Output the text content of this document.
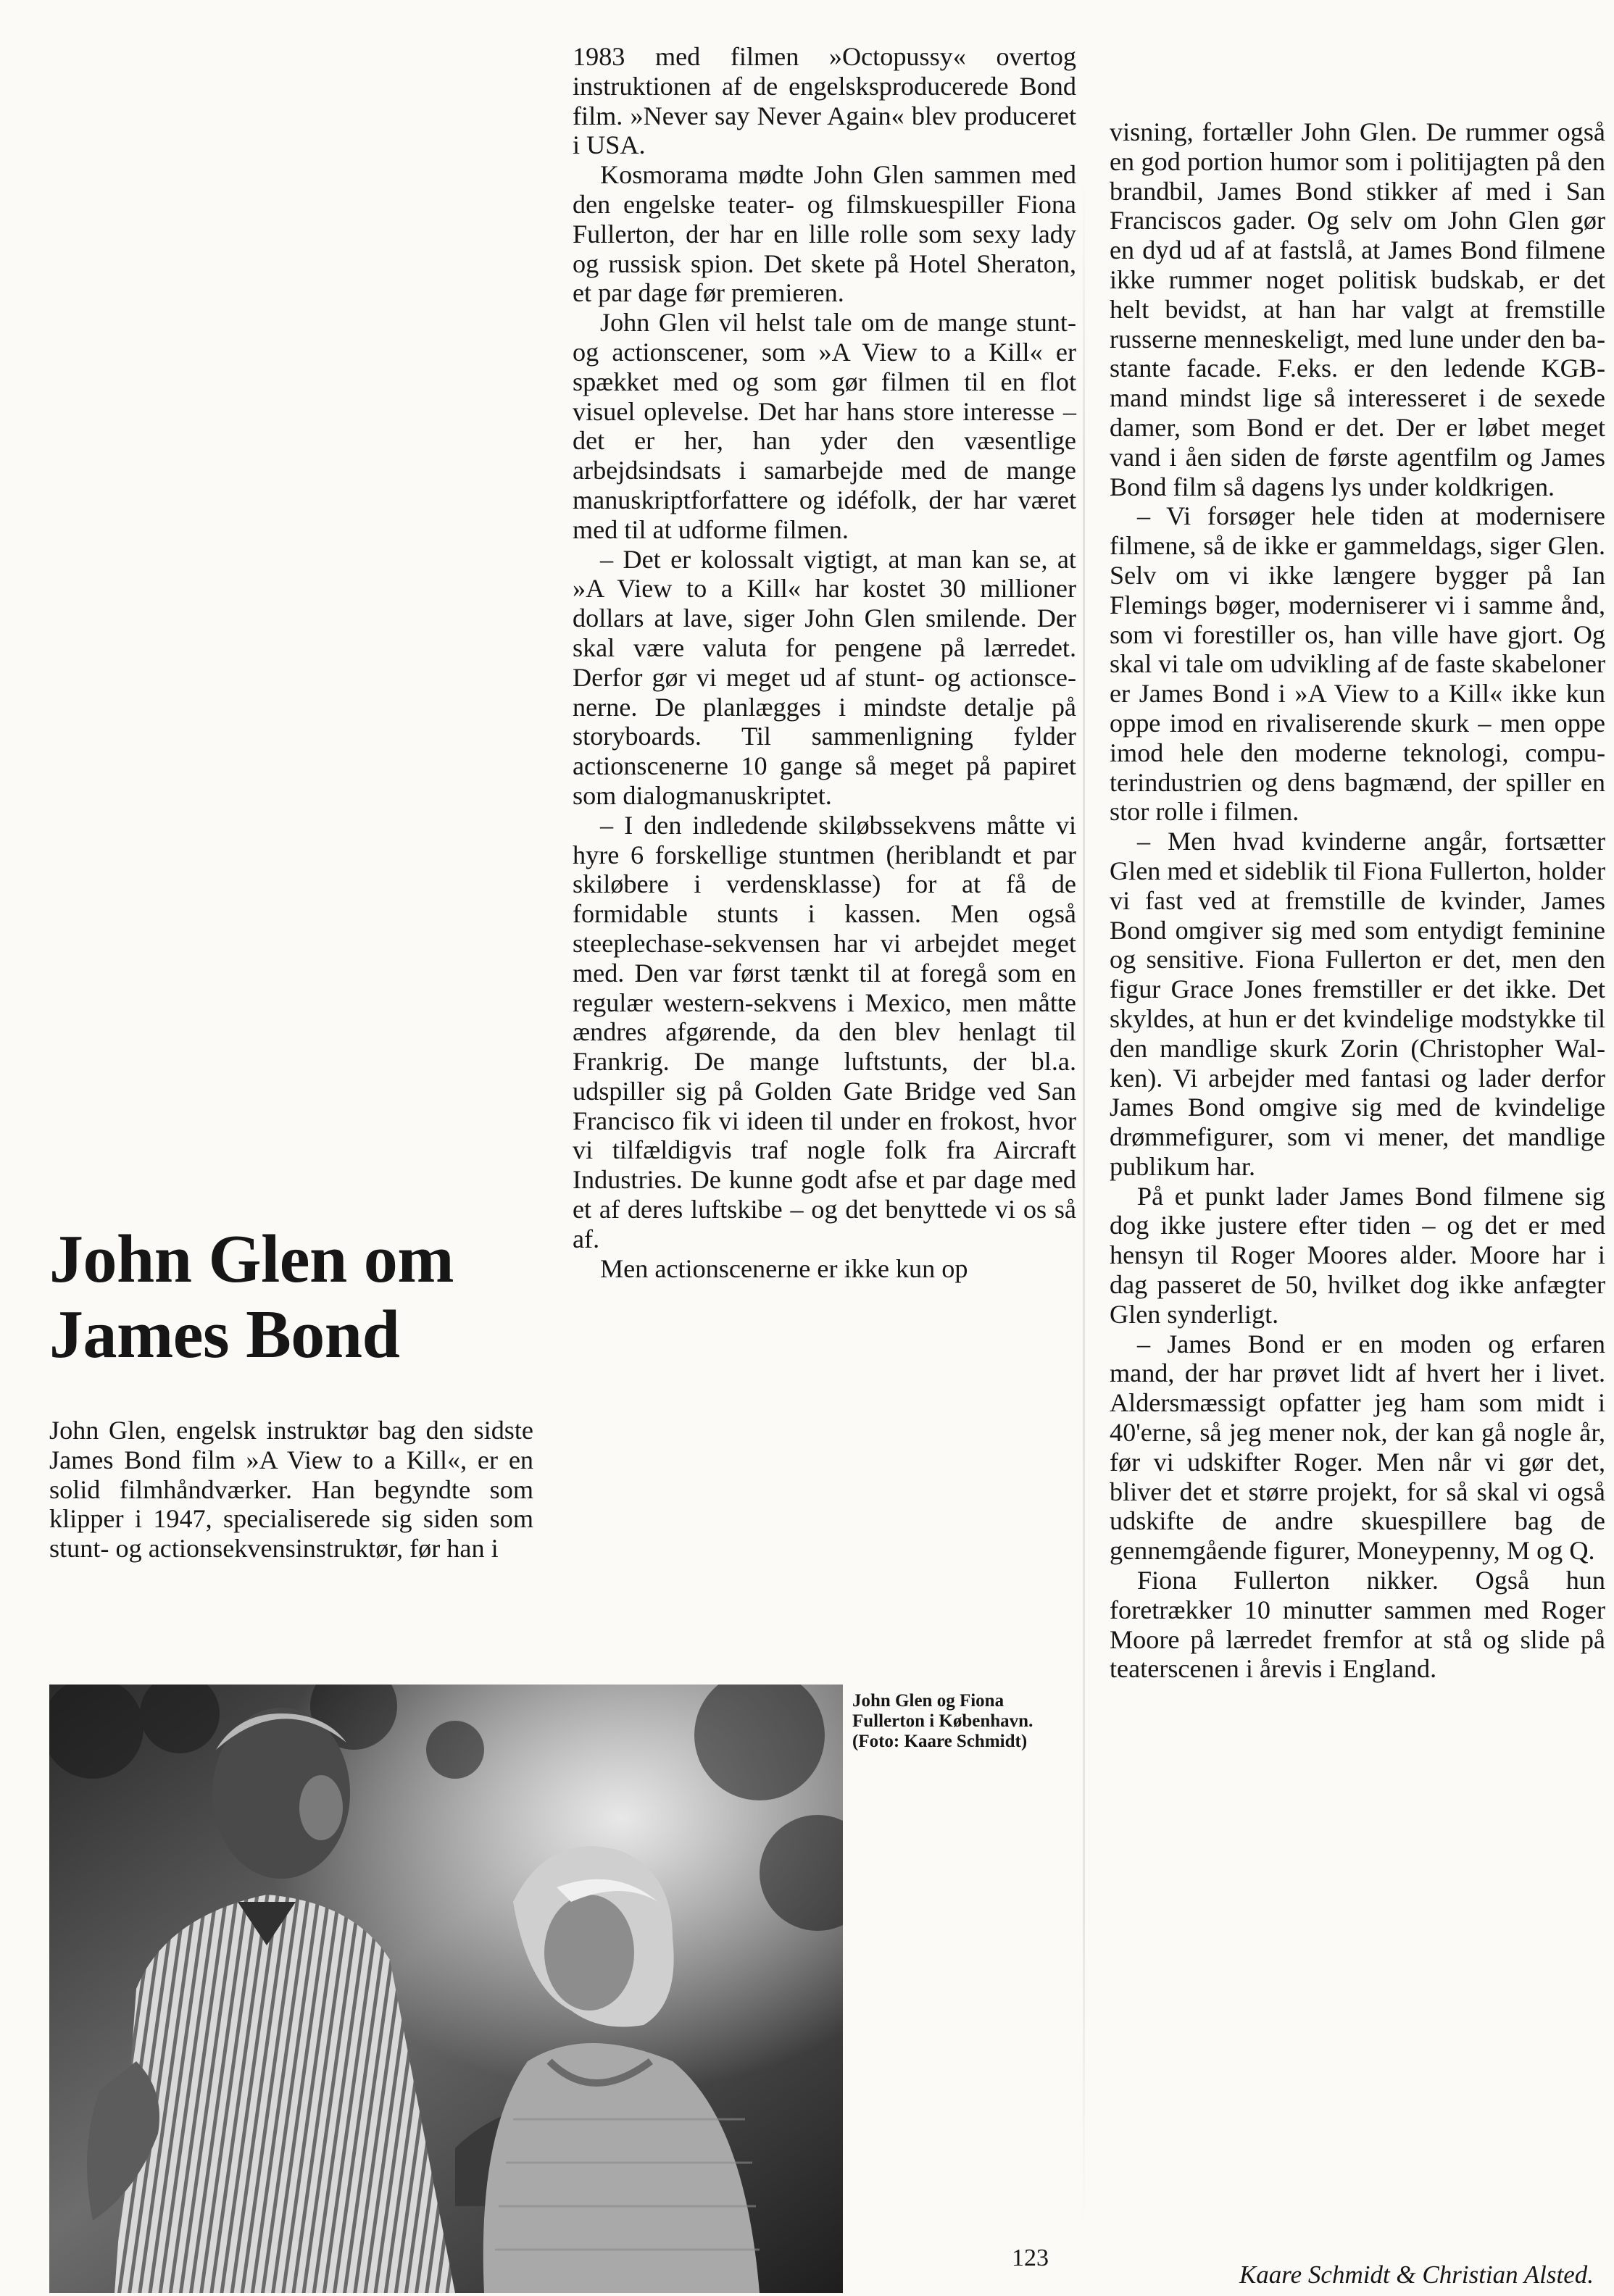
1983 med filmen »Octopussy« overtog instruktionen af de engelsksproducerede Bond film. »Never say Never Again« blev produceret i USA.

Kosmorama mødte John Glen sammen med den engelske teater- og filmskuespiller Fiona Fullerton, der har en lille rolle som sexy lady og russisk spion. Det skete på Hotel Sheraton, et par dage før premieren.

John Glen vil helst tale om de mange stunt- og actionscener, som »A View to a Kill« er spækket med og som gør filmen til en flot visuel oplevelse. Det har hans store interesse – det er her, han yder den væsentlige arbejdsindsats i samarbejde med de mange manuskriptforfattere og idéfolk, der har været med til at udforme filmen.

– Det er kolossalt vigtigt, at man kan se, at »A View to a Kill« har kostet 30 millioner dollars at lave, siger John Glen smilende. Der skal være valuta for pengene på lærredet. Derfor gør vi meget ud af stunt- og actionscenerne. De planlægges i mindste detalje på storyboards. Til sammenligning fylder actionscenerne 10 gange så meget på papiret som dialogmanuskriptet.

– I den indledende skiløbssekvens måtte vi hyre 6 forskellige stuntmen (heriblandt et par skiløbere i verdensklasse) for at få de formidable stunts i kassen. Men også steeplechase-sekvensen har vi arbejdet meget med. Den var først tænkt til at foregå som en regulær western-sekvens i Mexico, men måtte ændres afgørende, da den blev henlagt til Frankrig. De mange luftstunts, der bl.a. udspiller sig på Golden Gate Bridge ved San Francisco fik vi ideen til under en frokost, hvor vi tilfældigvis traf nogle folk fra Aircraft Industries. De kunne godt afse et par dage med et af deres luftskibe – og det benyttede vi os så af.

Men actionscenerne er ikke kun op

visning, fortæller John Glen. De rummer også en god portion humor som i politijagten på den brandbil, James Bond stikker af med i San Franciscos gader. Og selv om John Glen gør en dyd ud af at fastslå, at James Bond filmene ikke rummer noget politisk budskab, er det helt bevidst, at han har valgt at fremstille russerne menneskeligt, med lune under den bastante facade. F.eks. er den ledende KGB-mand mindst lige så interesseret i de sexede damer, som Bond er det. Der er løbet meget vand i åen siden de første agentfilm og James Bond film så dagens lys under koldkrigen.

– Vi forsøger hele tiden at modernisere filmene, så de ikke er gammeldags, siger Glen. Selv om vi ikke længere bygger på Ian Flemings bøger, moderniserer vi i samme ånd, som vi forestiller os, han ville have gjort. Og skal vi tale om udvikling af de faste skabeloner er James Bond i »A View to a Kill« ikke kun oppe imod en rivaliserende skurk – men oppe imod hele den moderne teknologi, computerindustrien og dens bagmænd, der spiller en stor rolle i filmen.

– Men hvad kvinderne angår, fortsætter Glen med et sideblik til Fiona Fullerton, holder vi fast ved at fremstille de kvinder, James Bond omgiver sig med som entydigt feminine og sensitive. Fiona Fullerton er det, men den figur Grace Jones fremstiller er det ikke. Det skyldes, at hun er det kvindelige modstykke til den mandlige skurk Zorin (Christopher Walken). Vi arbejder med fantasi og lader derfor James Bond omgive sig med de kvindelige drømmefigurer, som vi mener, det mandlige publikum har.

På et punkt lader James Bond filmene sig dog ikke justere efter tiden – og det er med hensyn til Roger Moores alder. Moore har i dag passeret de 50, hvilket dog ikke anfægter Glen synderligt.

– James Bond er en moden og erfaren mand, der har prøvet lidt af hvert her i livet. Aldersmæssigt opfatter jeg ham som midt i 40'erne, så jeg mener nok, der kan gå nogle år, før vi udskifter Roger. Men når vi gør det, bliver det et større projekt, for så skal vi også udskifte de andre skuespillere bag de gennemgående figurer, Moneypenny, M og Q.

Fiona Fullerton nikker. Også hun foretrækker 10 minutter sammen med Roger Moore på lærredet fremfor at stå og slide på teaterscenen i årevis i England.

John Glen om
James Bond

John Glen, engelsk instruktør bag den sidste James Bond film »A View to a Kill«, er en solid filmhåndværker. Han begyndte som klipper i 1947, specialiserede sig siden som stunt- og actionsekvensinstruktør, før han i

John Glen og Fiona Fullerton i København. (Foto: Kaare Schmidt)

123
Kaare Schmidt & Christian Alsted.
